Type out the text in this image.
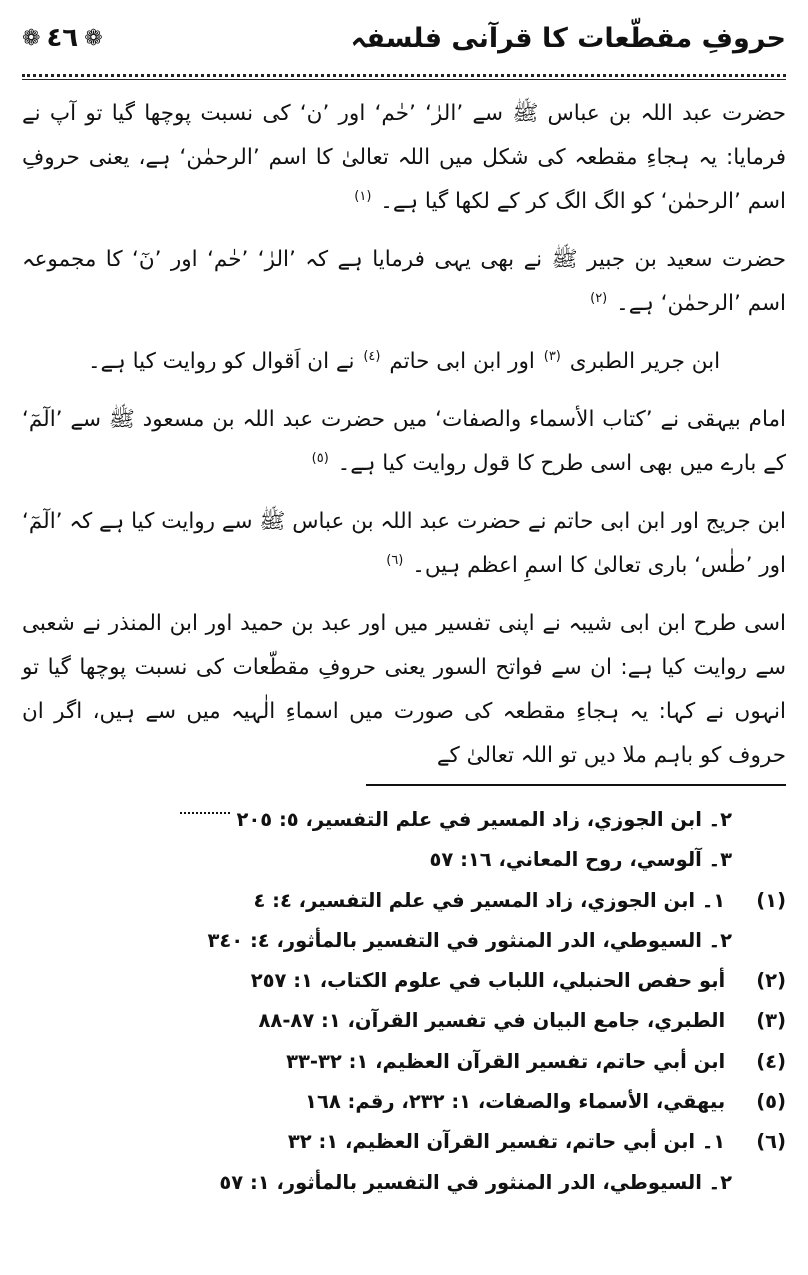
حروفِ مقطّعات کا قرآنی فلسفہ
❁ ٤٦ ❁

حضرت عبد اللہ بن عباس ﷺ سے ’الرٰ‘ ’حٰم‘ اور ’ن‘ کی نسبت پوچھا گیا تو آپ نے فرمایا: یہ ہجاءِ مقطعہ کی شکل میں اللہ تعالیٰ کا اسم ’الرحمٰن‘ ہے، یعنی حروفِ اسم ’الرحمٰن‘ کو الگ الگ کر کے لکھا گیا ہے۔ $^{(١)}$

حضرت سعید بن جبیر ﷺ نے بھی یہی فرمایا ہے کہ ’الرٰ‘ ’حٰم‘ اور ’نٓ‘ کا مجموعہ اسم ’الرحمٰن‘ ہے۔ $^{(٢)}$

ابن جریر الطبری $^{(٣)}$ اور ابن ابی حاتم $^{(٤)}$ نے ان اَقوال کو روایت کیا ہے۔

امام بیہقی نے ’كتاب الأسماء والصفات‘ میں حضرت عبد اللہ بن مسعود ﷺ سے ’الٓمٓ‘ کے بارے میں بھی اسی طرح کا قول روایت کیا ہے۔ $^{(٥)}$

ابن جریج اور ابن ابی حاتم نے حضرت عبد اللہ بن عباس ﷺ سے روایت کیا ہے کہ ’الٓمٓ‘ اور ’طٰس‘ باری تعالیٰ کا اسمِ اعظم ہیں۔ $^{(٦)}$

اسی طرح ابن ابی شیبہ نے اپنی تفسیر میں اور عبد بن حمید اور ابن المنذر نے شعبی سے روایت کیا ہے: ان سے فواتح السور یعنی حروفِ مقطّعات کی نسبت پوچھا گیا تو انہوں نے کہا: یہ ہجاءِ مقطعہ کی صورت میں اسماءِ الٰہیہ میں سے ہیں، اگر ان حروف کو باہم ملا دیں تو اللہ تعالیٰ کے

٢۔ ابن الجوزي، زاد المسير في علم التفسير، ٥: ٢٠٥
٣۔ آلوسي، روح المعاني، ١٦: ٥٧
(١) ١۔ ابن الجوزي، زاد المسير في علم التفسير، ٤: ٤
٢۔ السيوطي، الدر المنثور في التفسير بالمأثور، ٤: ٣٤٠
(٢) أبو حفص الحنبلي، اللباب في علوم الكتاب، ١: ٢٥٧
(٣) الطبري، جامع البيان في تفسير القرآن، ١: ٨٧-٨٨
(٤) ابن أبي حاتم، تفسير القرآن العظيم، ١: ٣٢-٣٣
(٥) بيهقي، الأسماء والصفات، ١: ٢٣٢، رقم: ١٦٨
(٦) ١۔ ابن أبي حاتم، تفسير القرآن العظيم، ١: ٣٢
٢۔ السيوطي، الدر المنثور في التفسير بالمأثور، ١: ٥٧
